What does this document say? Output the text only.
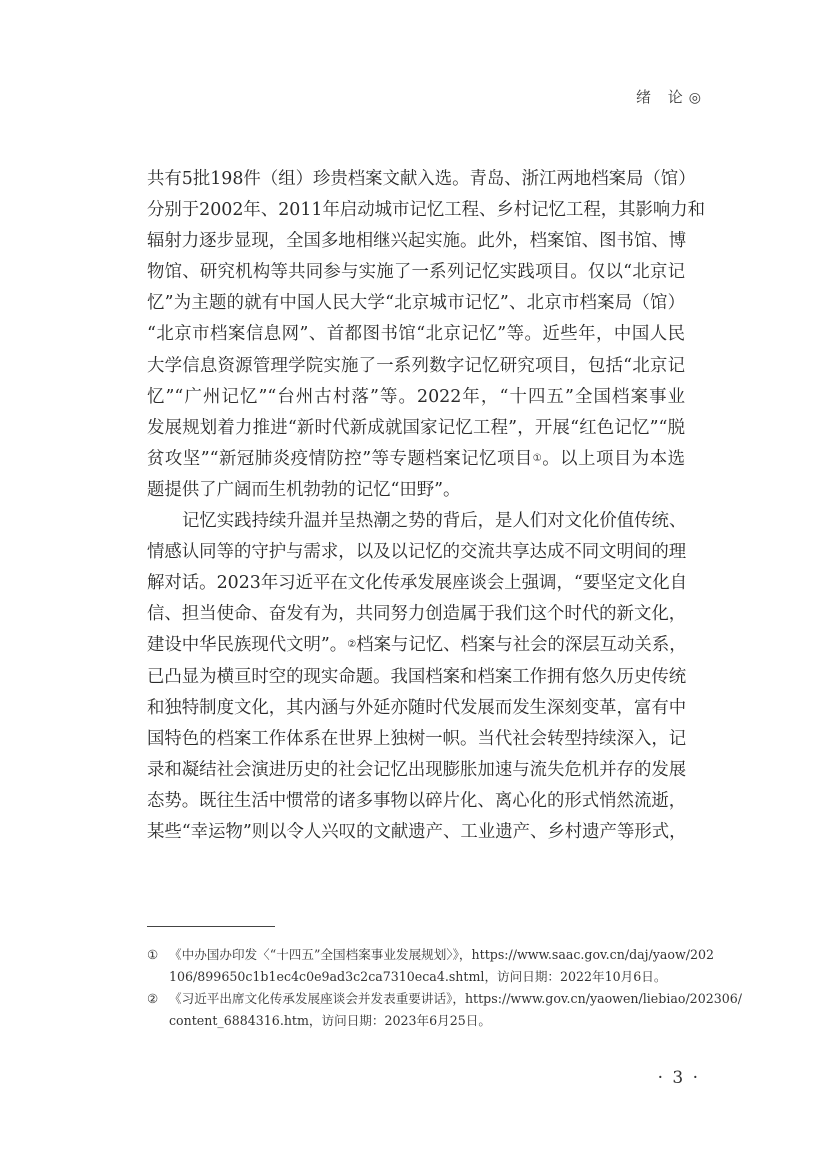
绪 论◎
共有5批198件（组）珍贵档案文献入选。青岛、浙江两地档案局（馆）
分别于2002年、2011年启动城市记忆工程、乡村记忆工程，其影响力和
辐射力逐步显现，全国多地相继兴起实施。此外，档案馆、图书馆、博
物馆、研究机构等共同参与实施了一系列记忆实践项目。仅以“北京记
忆”为主题的就有中国人民大学“北京城市记忆”、北京市档案局（馆）
“北京市档案信息网”、首都图书馆“北京记忆”等。近些年，中国人民
大学信息资源管理学院实施了一系列数字记忆研究项目，包括“北京记
忆”“广州记忆”“台州古村落”等。2022年，“十四五”全国档案事业
发展规划着力推进“新时代新成就国家记忆工程”，开展“红色记忆”“脱
贫攻坚”“新冠肺炎疫情防控”等专题档案记忆项目①。以上项目为本选
题提供了广阔而生机勃勃的记忆“田野”。
记忆实践持续升温并呈热潮之势的背后，是人们对文化价值传统、
情感认同等的守护与需求，以及以记忆的交流共享达成不同文明间的理
解对话。2023年习近平在文化传承发展座谈会上强调，“要坚定文化自
信、担当使命、奋发有为，共同努力创造属于我们这个时代的新文化，
建设中华民族现代文明”。②档案与记忆、档案与社会的深层互动关系，
已凸显为横亘时空的现实命题。我国档案和档案工作拥有悠久历史传统
和独特制度文化，其内涵与外延亦随时代发展而发生深刻变革，富有中
国特色的档案工作体系在世界上独树一帜。当代社会转型持续深入，记
录和凝结社会演进历史的社会记忆出现膨胀加速与流失危机并存的发展
态势。既往生活中惯常的诸多事物以碎片化、离心化的形式悄然流逝，
某些“幸运物”则以令人兴叹的文献遗产、工业遗产、乡村遗产等形式，
① 《中办国办印发〈“十四五”全国档案事业发展规划〉》，https://www.saac.gov.cn/daj/yaow/202
106/899650c1b1ec4c0e9ad3c2ca7310eca4.shtml，访问日期：2022年10月6日。
② 《习近平出席文化传承发展座谈会并发表重要讲话》，https://www.gov.cn/yaowen/liebiao/202306/
content_6884316.htm，访问日期：2023年6月25日。
· 3 ·
